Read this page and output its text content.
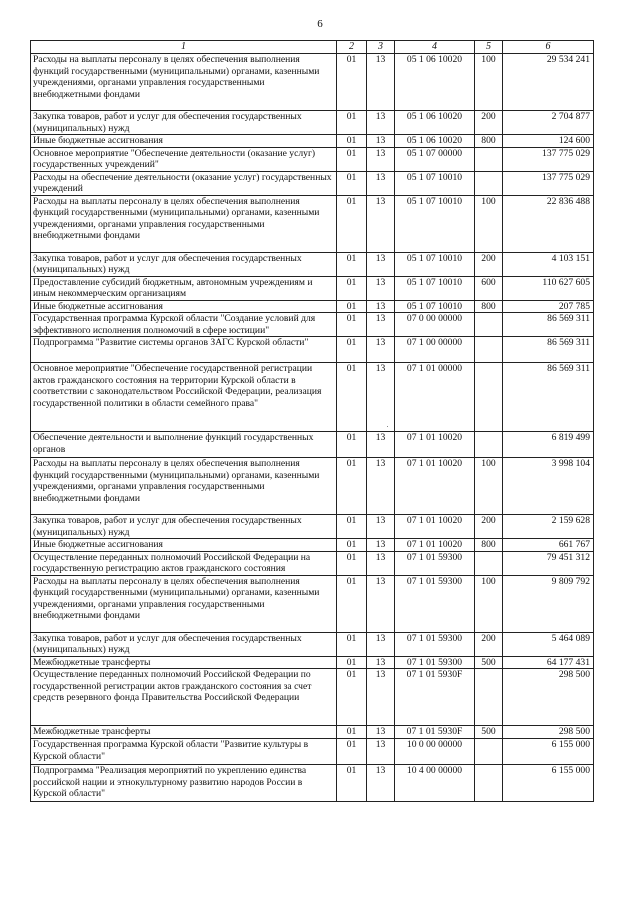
6
1	2	3	4	5	6
Расходы на выплаты персоналу в целях обеспечения выполнения функций государственными (муниципальными) органами, казенными учреждениями, органами управления государственными внебюджетными фондами	01	13	05 1 06 10020	100	29 534 241
Закупка товаров, работ и услуг для обеспечения государственных (муниципальных) нужд	01	13	05 1 06 10020	200	2 704 877
Иные бюджетные ассигнования	01	13	05 1 06 10020	800	124 600
Основное мероприятие "Обеспечение деятельности (оказание услуг) государственных учреждений"	01	13	05 1 07 00000		137 775 029
Расходы на обеспечение деятельности (оказание услуг) государственных учреждений	01	13	05 1 07 10010		137 775 029
Расходы на выплаты персоналу в целях обеспечения выполнения функций государственными (муниципальными) органами, казенными учреждениями, органами управления государственными внебюджетными фондами	01	13	05 1 07 10010	100	22 836 488
Закупка товаров, работ и услуг для обеспечения государственных (муниципальных) нужд	01	13	05 1 07 10010	200	4 103 151
Предоставление субсидий бюджетным, автономным учреждениям и иным некоммерческим организациям	01	13	05 1 07 10010	600	110 627 605
Иные бюджетные ассигнования	01	13	05 1 07 10010	800	207 785
Государственная программа Курской области "Создание условий для эффективного исполнения полномочий в сфере юстиции"	01	13	07 0 00 00000		86 569 311
Подпрограмма "Развитие системы органов ЗАГС Курской области"	01	13	07 1 00 00000		86 569 311
Основное мероприятие "Обеспечение государственной регистрации актов гражданского состояния на территории Курской области в соответствии с законодательством Российской Федерации, реализация государственной политики в области семейного права"	01	13	07 1 01 00000		86 569 311
Обеспечение деятельности и выполнение функций государственных органов	01	13	07 1 01 10020		6 819 499
Расходы на выплаты персоналу в целях обеспечения выполнения функций государственными (муниципальными) органами, казенными учреждениями, органами управления государственными внебюджетными фондами	01	13	07 1 01 10020	100	3 998 104
Закупка товаров, работ и услуг для обеспечения государственных (муниципальных) нужд	01	13	07 1 01 10020	200	2 159 628
Иные бюджетные ассигнования	01	13	07 1 01 10020	800	661 767
Осуществление переданных полномочий Российской Федерации на государственную регистрацию актов гражданского состояния	01	13	07 1 01 59300		79 451 312
Расходы на выплаты персоналу в целях обеспечения выполнения функций государственными (муниципальными) органами, казенными учреждениями, органами управления государственными внебюджетными фондами	01	13	07 1 01 59300	100	9 809 792
Закупка товаров, работ и услуг для обеспечения государственных (муниципальных) нужд	01	13	07 1 01 59300	200	5 464 089
Межбюджетные трансферты	01	13	07 1 01 59300	500	64 177 431
Осуществление переданных полномочий Российской Федерации по государственной регистрации актов гражданского состояния за счет средств резервного фонда Правительства Российской Федерации	01	13	07 1 01 5930F		298 500
Межбюджетные трансферты	01	13	07 1 01 5930F	500	298 500
Государственная программа Курской области "Развитие культуры в Курской области"	01	13	10 0 00 00000		6 155 000
Подпрограмма "Реализация мероприятий по укреплению единства российской нации и этнокультурному развитию народов России в Курской области"	01	13	10 4 00 00000		6 155 000
